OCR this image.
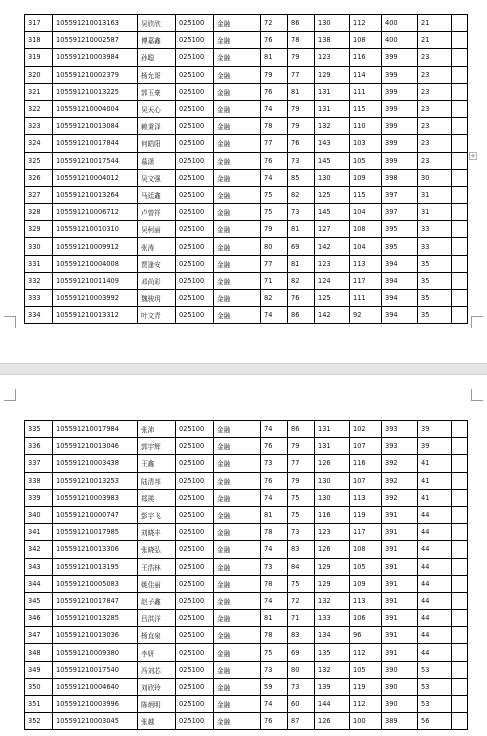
317	105591210013163	吴欣欣	025100	金融	72	86	130	112	400	21	
318	105591210002587	傅嘉鑫	025100	金融	76	78	138	108	400	21	
319	105591210003984	孙聪	025100	金融	81	79	123	116	399	23	
320	105591210002379	杨允哥	025100	金融	79	77	129	114	399	23	
321	105591210013225	郭玉豪	025100	金融	76	81	131	111	399	23	
322	105591210004004	吴天心	025100	金融	74	79	131	115	399	23	
323	105591210013084	赖秉泽	025100	金融	78	79	132	110	399	23	
324	105591210017844	何皓阳	025100	金融	77	76	143	103	399	23	
325	105591210017544	慕潇	025100	金融	76	73	145	105	399	23	
326	105591210004012	吴文强	025100	金融	74	85	130	109	398	30	
327	105591210013264	马廷鑫	025100	金融	75	82	125	115	397	31	
328	105591210006712	卢曾祥	025100	金融	75	73	145	104	397	31	
329	105591210010310	吴柯丽	025100	金融	79	81	127	108	395	33	
330	105591210009912	张涛	025100	金融	80	69	142	104	395	33	
331	105591210004008	贾逢安	025100	金融	77	81	123	113	394	35	
332	105591210011409	邓尚彩	025100	金融	71	82	124	117	394	35	
333	105591210003992	魏骏玥	025100	金融	82	76	125	111	394	35	
334	105591210013312	叶文青	025100	金融	74	86	142	92	394	35	
+
335	105591210017984	张沛	025100	金融	74	86	131	102	393	39	
336	105591210013046	郭宇辉	025100	金融	76	79	131	107	393	39	
337	105591210003438	王鑫	025100	金融	73	77	126	116	392	41	
338	105591210013253	陆清邦	025100	金融	76	79	130	107	392	41	
339	105591210003983	郑瑛	025100	金融	74	75	130	113	392	41	
340	105591210000747	彭宇飞	025100	金融	81	75	116	119	391	44	
341	105591210017985	刘晓丰	025100	金融	78	73	123	117	391	44	
342	105591210013306	张晓弘	025100	金融	74	83	126	108	391	44	
343	105591210013195	王浩林	025100	金融	73	84	129	105	391	44	
344	105591210005083	姚佳丽	025100	金融	78	75	129	109	391	44	
345	105591210017847	赵子鑫	025100	金融	74	72	132	113	391	44	
346	105591210013285	吕洪洋	025100	金融	81	71	133	106	391	44	
347	105591210013036	杨直泉	025100	金融	78	83	134	96	391	44	
348	105591210009380	李妍	025100	金融	75	69	135	112	391	44	
349	105591210017540	冯刘芯	025100	金融	73	80	132	105	390	53	
350	105591210004640	刘欣玲	025100	金融	59	73	139	119	390	53	
351	105591210003996	陈炳明	025100	金融	74	60	144	112	390	53	
352	105591210003045	张越	025100	金融	76	87	126	100	389	56	
